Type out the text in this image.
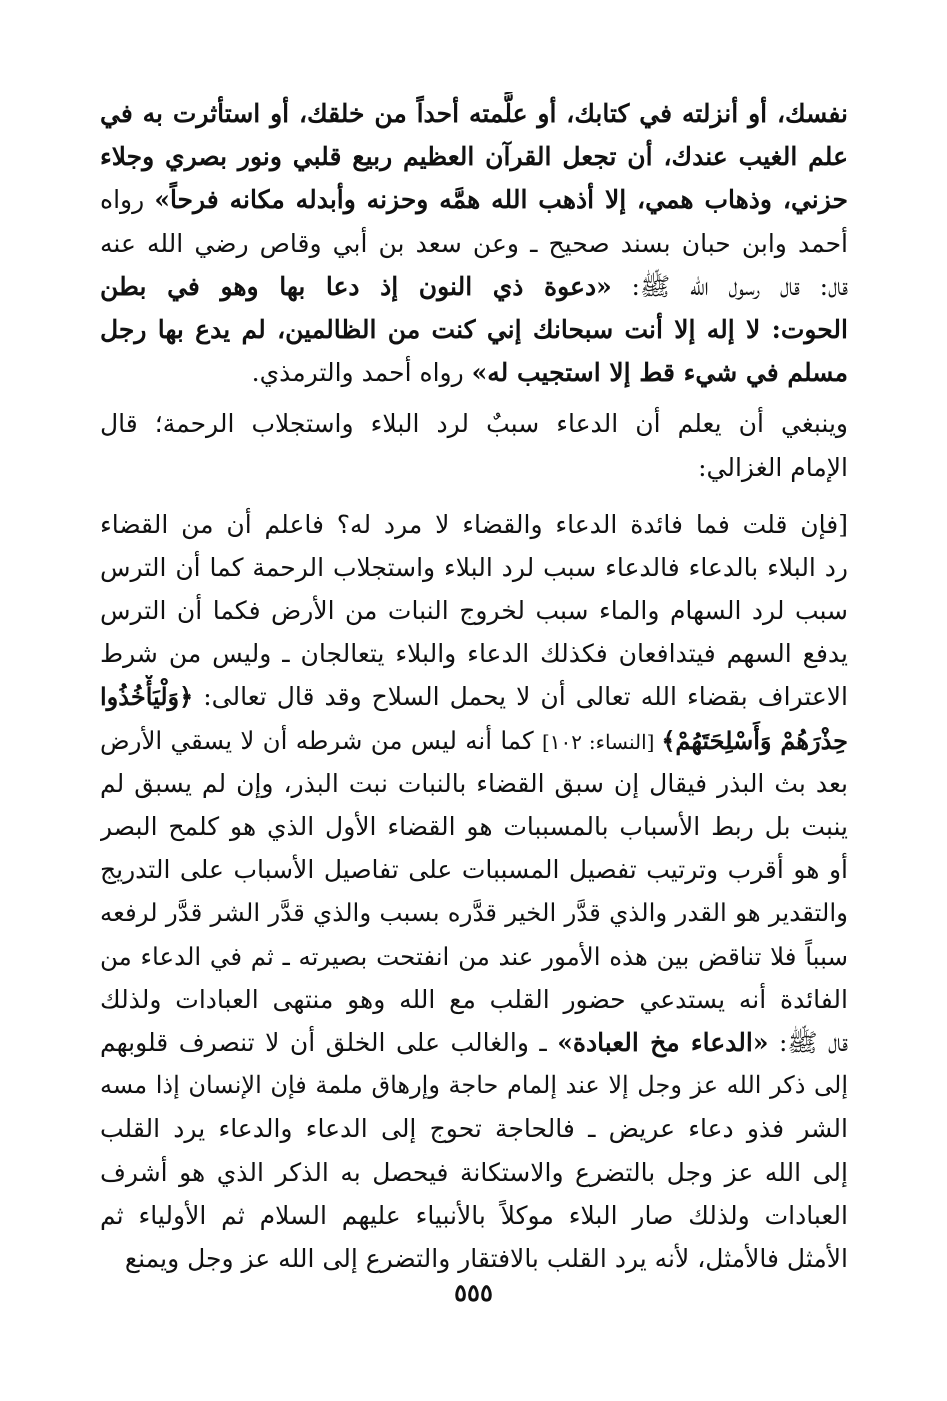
نفسك، أو أنزلته في كتابك، أو علَّمته أحداً من خلقك، أو استأثرت به في
علم الغيب عندك، أن تجعل القرآن العظيم ربيع قلبي ونور بصري وجلاء
حزني، وذهاب همي، إلا أذهب الله همَّه وحزنه وأبدله مكانه فرحاً» رواه
أحمد وابن حبان بسند صحيح ـ وعن سعد بن أبي وقاص رضي الله عنه
قال: قال رسول الله ﷺ: «دعوة ذي النون إذ دعا بها وهو في بطن
الحوت: لا إله إلا أنت سبحانك إني كنت من الظالمين، لم يدع بها رجل
مسلم في شيء قط إلا استجيب له» رواه أحمد والترمذي.
وينبغي أن يعلم أن الدعاء سببٌ لرد البلاء واستجلاب الرحمة؛ قال
الإمام الغزالي:
[فإن قلت فما فائدة الدعاء والقضاء لا مرد له؟ فاعلم أن من القضاء
رد البلاء بالدعاء فالدعاء سبب لرد البلاء واستجلاب الرحمة كما أن الترس
سبب لرد السهام والماء سبب لخروج النبات من الأرض فكما أن الترس
يدفع السهم فيتدافعان فكذلك الدعاء والبلاء يتعالجان ـ وليس من شرط
الاعتراف بقضاء الله تعالى أن لا يحمل السلاح وقد قال تعالى: ﴿وَلْيَأْخُذُوا
حِذْرَهُمْ وَأَسْلِحَتَهُمْ﴾ [النساء: ١٠٢] كما أنه ليس من شرطه أن لا يسقي الأرض
بعد بث البذر فيقال إن سبق القضاء بالنبات نبت البذر، وإن لم يسبق لم
ينبت بل ربط الأسباب بالمسببات هو القضاء الأول الذي هو كلمح البصر
أو هو أقرب وترتيب تفصيل المسببات على تفاصيل الأسباب على التدريج
والتقدير هو القدر والذي قدَّر الخير قدَّره بسبب والذي قدَّر الشر قدَّر لرفعه
سبباً فلا تناقض بين هذه الأمور عند من انفتحت بصيرته ـ ثم في الدعاء من
الفائدة أنه يستدعي حضور القلب مع الله وهو منتهى العبادات ولذلك
قال ﷺ: «الدعاء مخ العبادة» ـ والغالب على الخلق أن لا تنصرف قلوبهم
إلى ذكر الله عز وجل إلا عند إلمام حاجة وإرهاق ملمة فإن الإنسان إذا مسه
الشر فذو دعاء عريض ـ فالحاجة تحوج إلى الدعاء والدعاء يرد القلب
إلى الله عز وجل بالتضرع والاستكانة فيحصل به الذكر الذي هو أشرف
العبادات ولذلك صار البلاء موكلاً بالأنبياء عليهم السلام ثم الأولياء ثم
الأمثل فالأمثل، لأنه يرد القلب بالافتقار والتضرع إلى الله عز وجل ويمنع
٥٥٥
